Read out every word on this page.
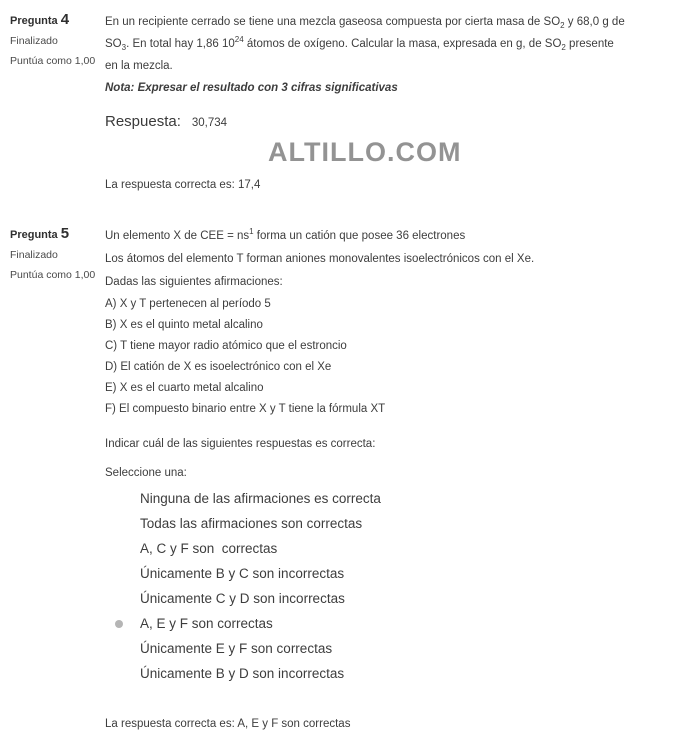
Pregunta 4
Finalizado
Puntúa como 1,00
En un recipiente cerrado se tiene una mezcla gaseosa compuesta por cierta masa de $SO_2$ y 68,0 g de
$SO_3$. En total hay 1,86 $10^{24}$ átomos de oxígeno. Calcular la masa, expresada en g, de $SO_2$ presente
en la mezcla.
Nota: Expresar el resultado con 3 cifras significativas
Respuesta: 30,734
ALTILLO.COM
La respuesta correcta es: 17,4
Pregunta 5
Finalizado
Puntúa como 1,00
Un elemento X de CEE = $ns^1$ forma un catión que posee 36 electrones
Los átomos del elemento T forman aniones monovalentes isoelectrónicos con el Xe.
Dadas las siguientes afirmaciones:
A) X y T pertenecen al período 5
B) X es el quinto metal alcalino
C) T tiene mayor radio atómico que el estroncio
D) El catión de X es isoelectrónico con el Xe
E) X es el cuarto metal alcalino
F) El compuesto binario entre X y T tiene la fórmula XT
Indicar cuál de las siguientes respuestas es correcta:
Seleccione una:
Ninguna de las afirmaciones es correcta
Todas las afirmaciones son correctas
A, C y F son  correctas
Únicamente B y C son incorrectas
Únicamente C y D son incorrectas
A, E y F son correctas
Únicamente E y F son correctas
Únicamente B y D son incorrectas
La respuesta correcta es: A, E y F son correctas
